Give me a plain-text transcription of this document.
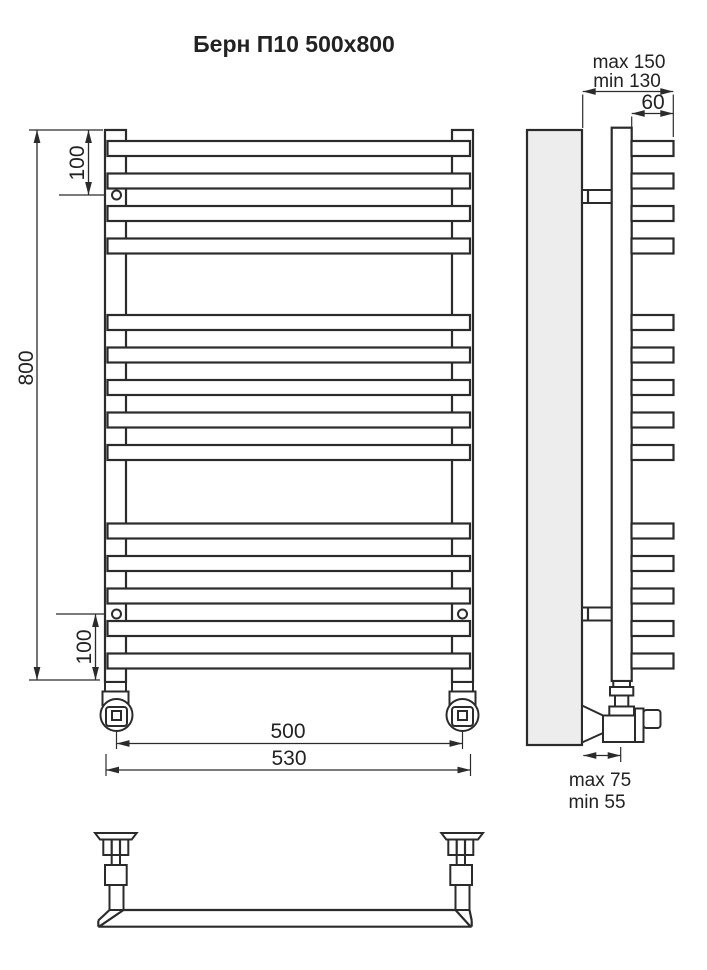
Берн П10 500x800
800
100
100
500
530
max 150
min 130
60
max 75
min 55
